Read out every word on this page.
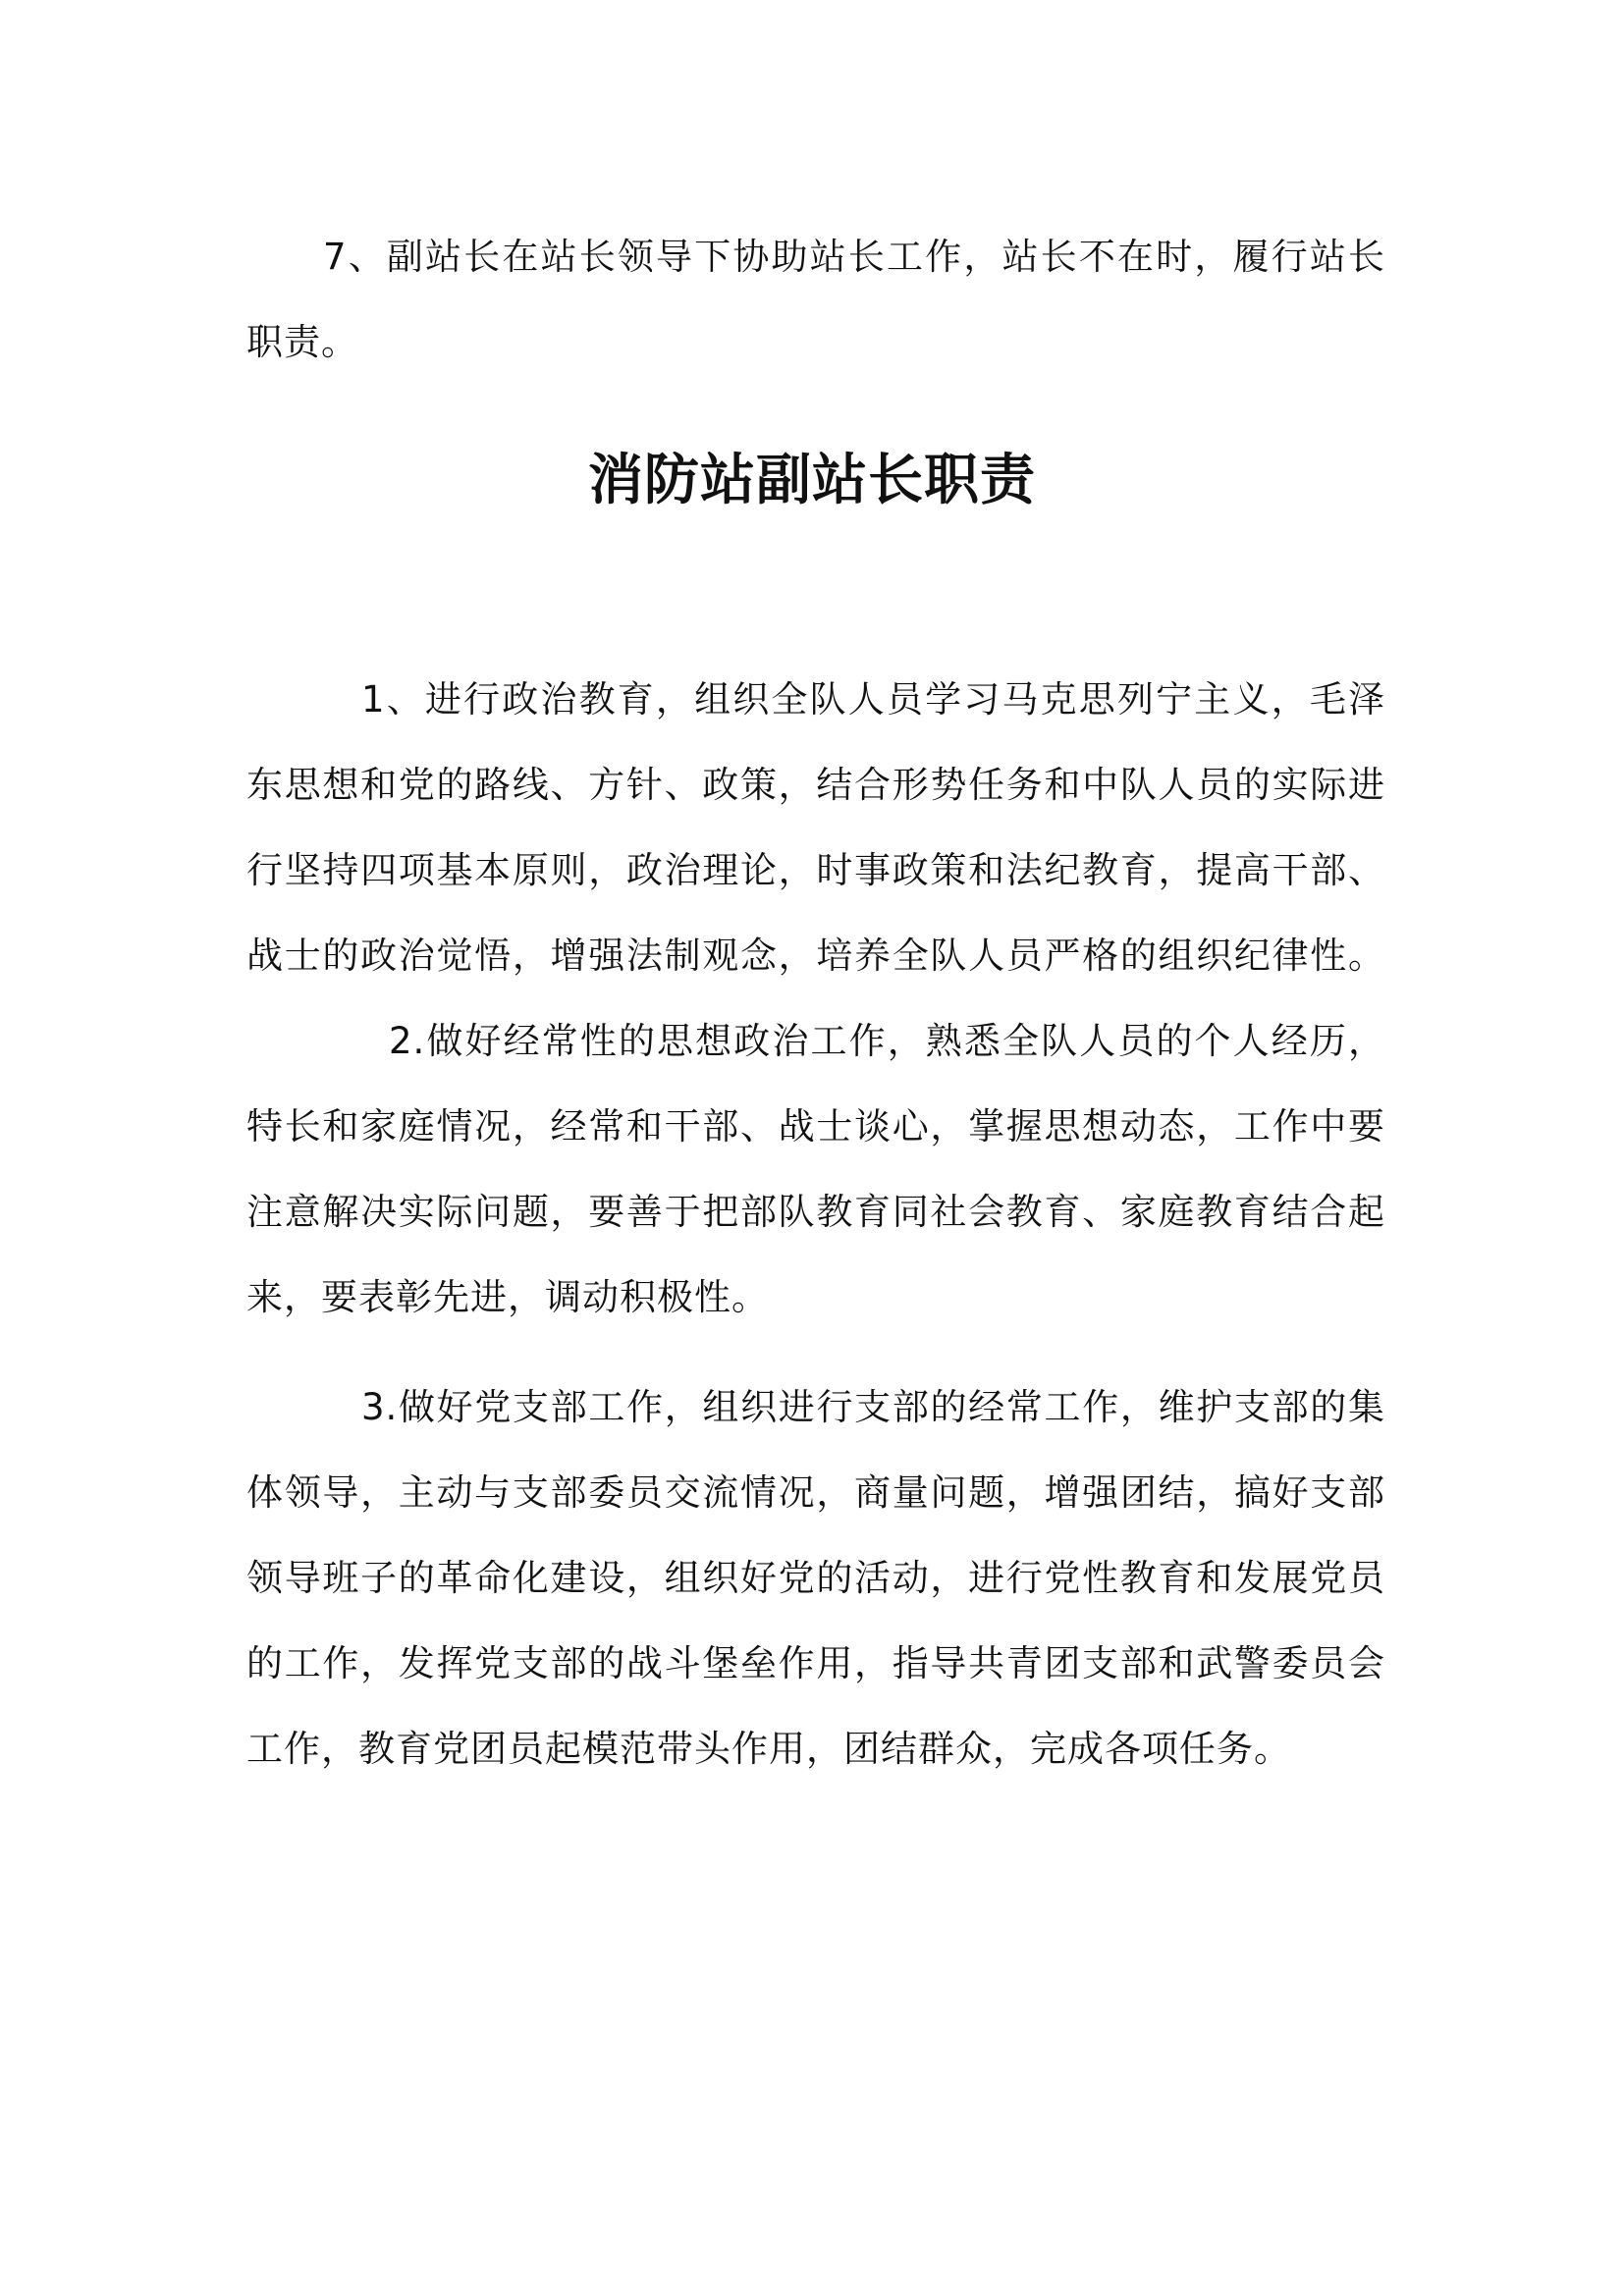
7、副站长在站长领导下协助站长工作，站长不在时，履行站长职责。

消防站副站长职责

1、进行政治教育，组织全队人员学习马克思列宁主义，毛泽东思想和党的路线、方针、政策，结合形势任务和中队人员的实际进行坚持四项基本原则，政治理论，时事政策和法纪教育，提高干部、战士的政治觉悟，增强法制观念，培养全队人员严格的组织纪律性。2.做好经常性的思想政治工作，熟悉全队人员的个人经历，特长和家庭情况，经常和干部、战士谈心，掌握思想动态，工作中要注意解决实际问题，要善于把部队教育同社会教育、家庭教育结合起来，要表彰先进，调动积极性。

3.做好党支部工作，组织进行支部的经常工作，维护支部的集体领导，主动与支部委员交流情况，商量问题，增强团结，搞好支部领导班子的革命化建设，组织好党的活动，进行党性教育和发展党员的工作，发挥党支部的战斗堡垒作用，指导共青团支部和武警委员会工作，教育党团员起模范带头作用，团结群众，完成各项任务。
